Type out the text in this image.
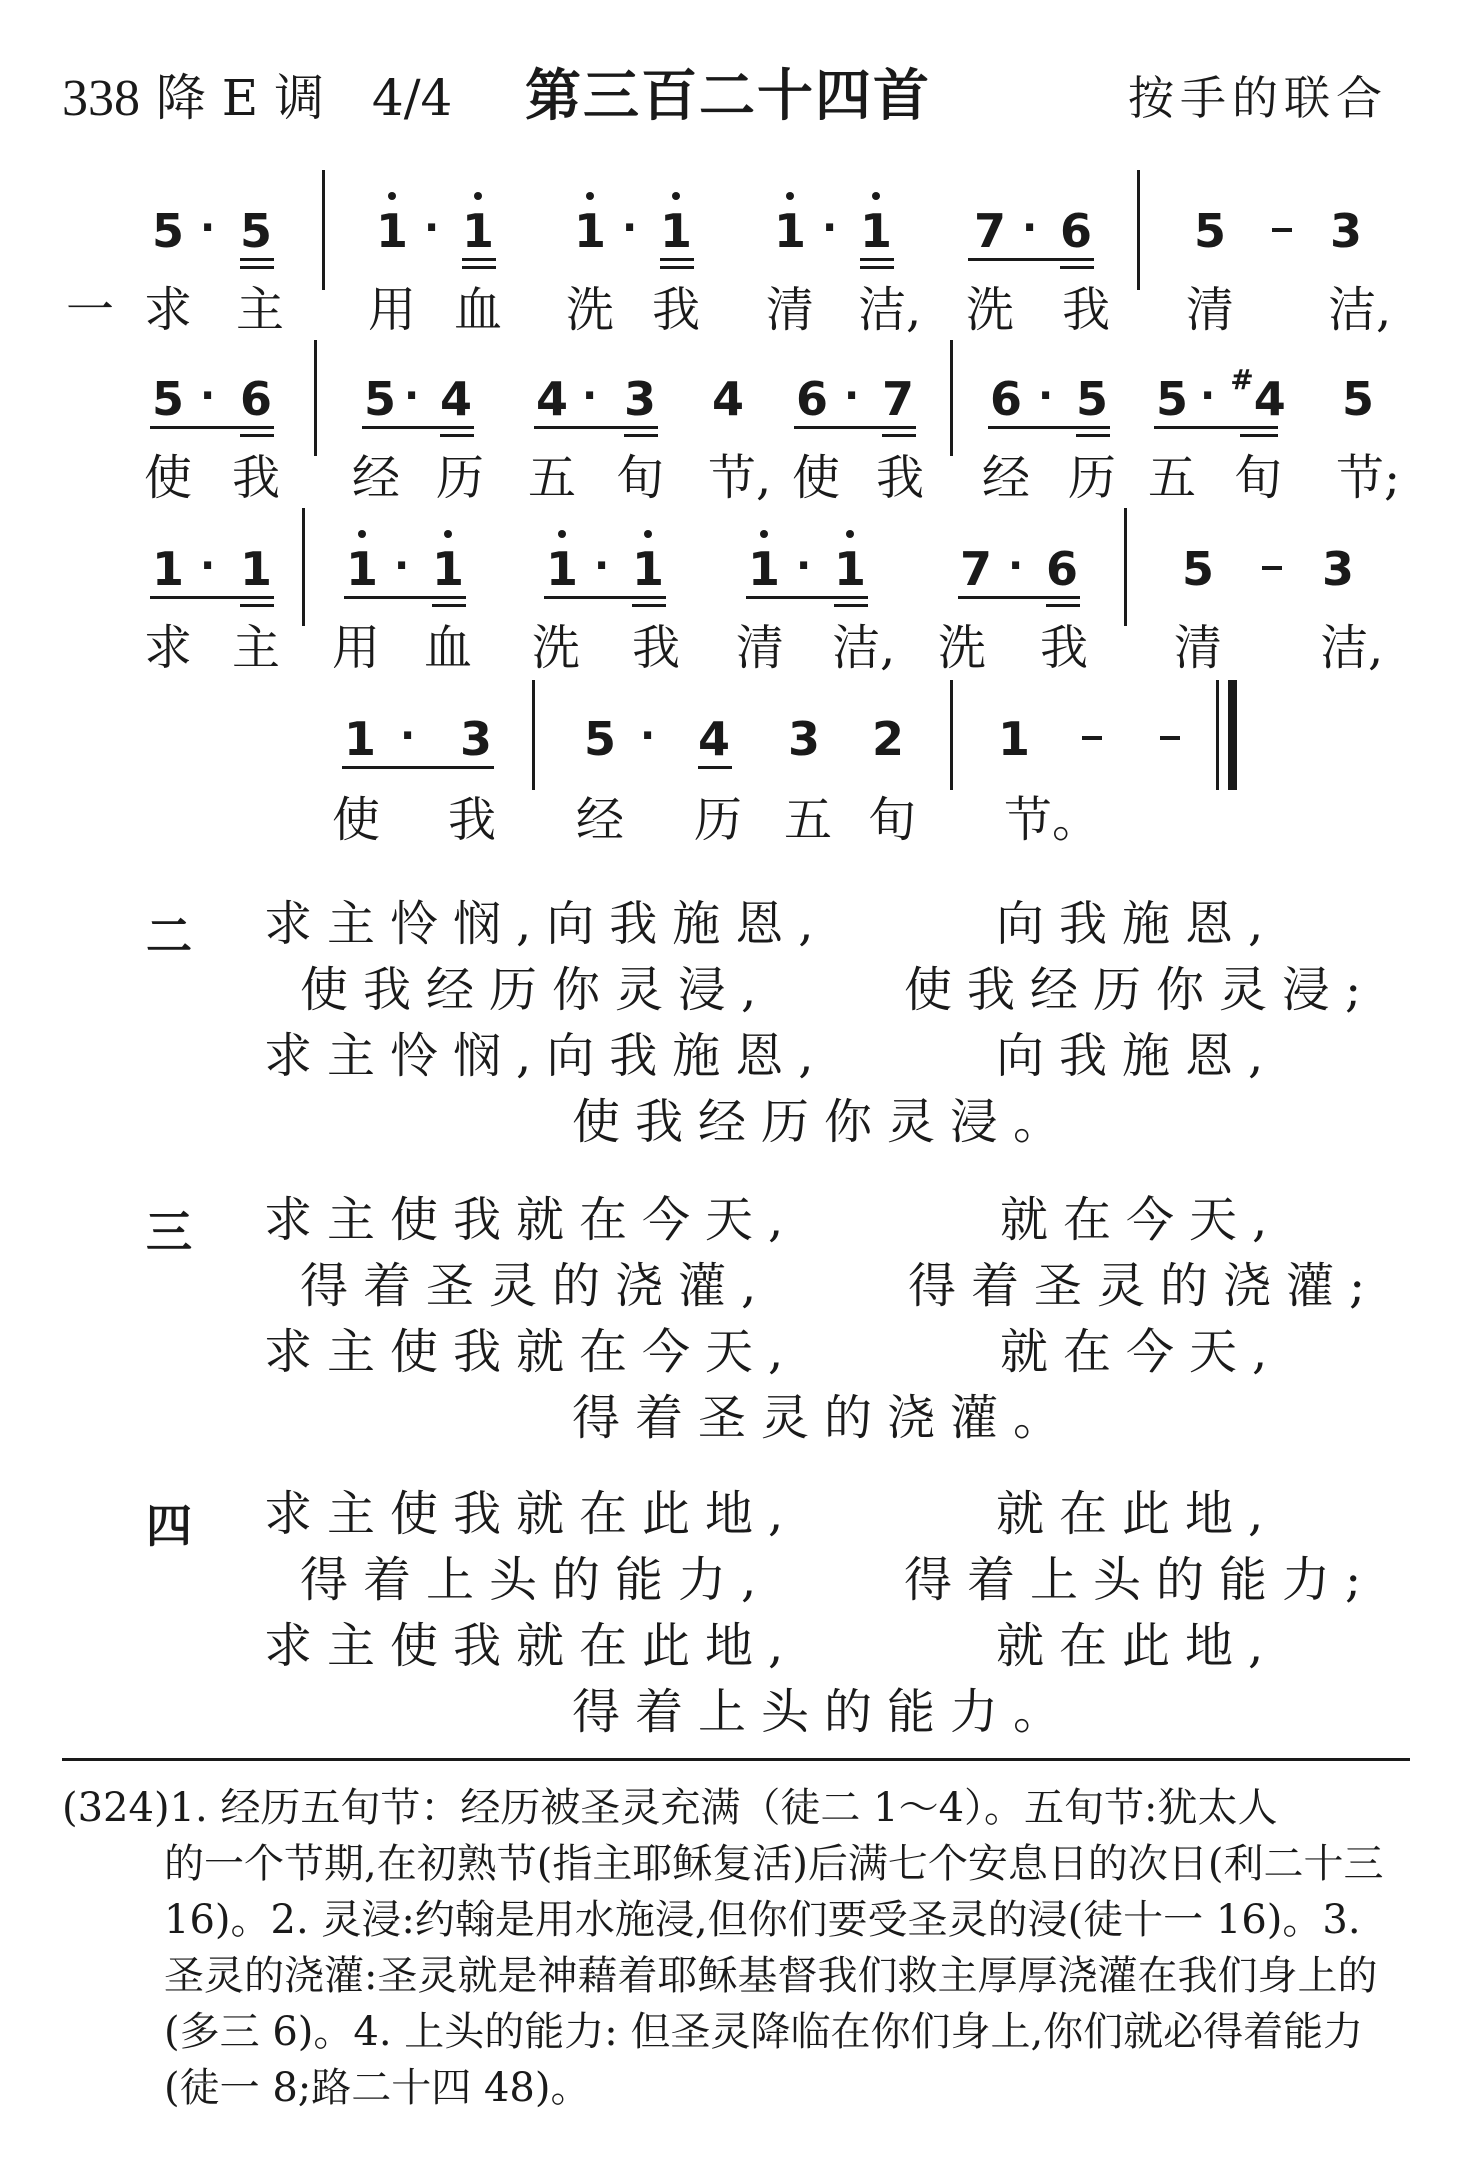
338 降 E 调 4/4 第三百二十四首	按手的联合
5 · 5 1 · 1 1 · 1 1 · 1 7 · 6 5 3
一 求 主 用 血 洗 我 清 洁, 洗 我 清 洁,
5 · 6 5 · 4 4 · 3 4 6 · 7 6 · 5 5 · #4 5
使 我 经 历 五 旬 节, 使 我 经 历 五 旬 节;
1 · 1 1 · 1 1 · 1 1 · 1 7 · 6 5 3
求 主 用 血 洗 我 清 洁, 洗 我 清 洁,
1 · 3 5 · 4 3 2 1
使 我 经 历 五 旬 节。
二 求主怜悯,向我施恩,	向我施恩,
使我经历你灵浸,	使我经历你灵浸;
求主怜悯,向我施恩,	向我施恩,
使我经历你灵浸。
三 求主使我就在今天,	就在今天,
得着圣灵的浇灌,	得着圣灵的浇灌;
求主使我就在今天,	就在今天,
得着圣灵的浇灌。
四 求主使我就在此地,	就在此地,
得着上头的能力,	得着上头的能力;
求主使我就在此地,	就在此地,
得着上头的能力。
(324)1. 经历五旬节：经历被圣灵充满（徒二 1～4）。五旬节:犹太人
的一个节期,在初熟节(指主耶稣复活)后满七个安息日的次日(利二十三 16)。2. 灵浸:约翰是用水施浸,但你们要受圣灵的浸(徒十一 16)。3. 圣灵的浇灌:圣灵就是神藉着耶稣基督我们救主厚厚浇灌在我们身上的 (多三 6)。4. 上头的能力: 但圣灵降临在你们身上,你们就必得着能力(徒一 8;路二十四 48)。
